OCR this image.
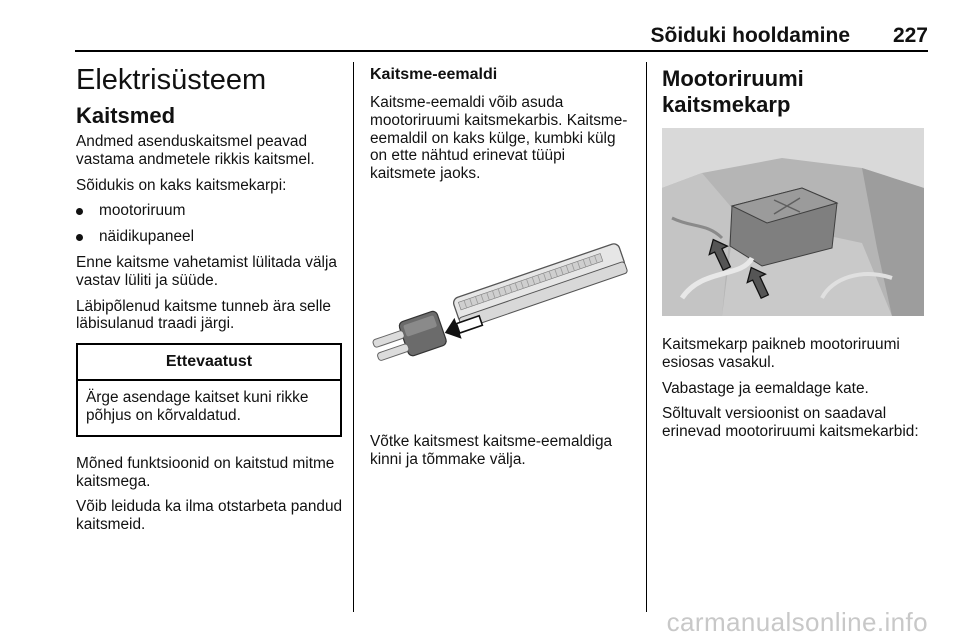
Sõiduki hooldamine	227
Elektrisüsteem
Kaitsmed

Andmed asenduskaitsmel peavad vastama andmetele rikkis kaitsmel.

Sõidukis on kaks kaitsmekarpi:

mootoriruum
näidikupaneel

Enne kaitsme vahetamist lülitada välja vastav lüliti ja süüde.

Läbipõlenud kaitsme tunneb ära selle läbisulanud traadi järgi.

Ettevaatust

Ärge asendage kaitset kuni rikke põhjus on kõrvaldatud.

Mõned funktsioonid on kaitstud mitme kaitsmega.

Võib leiduda ka ilma otstarbeta pandud kaitsmeid.

Kaitsme-eemaldi

Kaitsme-eemaldi võib asuda mootoriruumi kaitsmekarbis. Kaitsme-eemaldil on kaks külge, kumbki külg on ette nähtud erinevat tüüpi kaitsmete jaoks.

Võtke kaitsmest kaitsme-eemaldiga kinni ja tõmmake välja.

Mootoriruumi kaitsmekarp

Kaitsmekarp paikneb mootoriruumi esiosas vasakul.

Vabastage ja eemaldage kate.

Sõltuvalt versioonist on saadaval erinevad mootoriruumi kaitsmekarbid:

carmanualsonline.info
